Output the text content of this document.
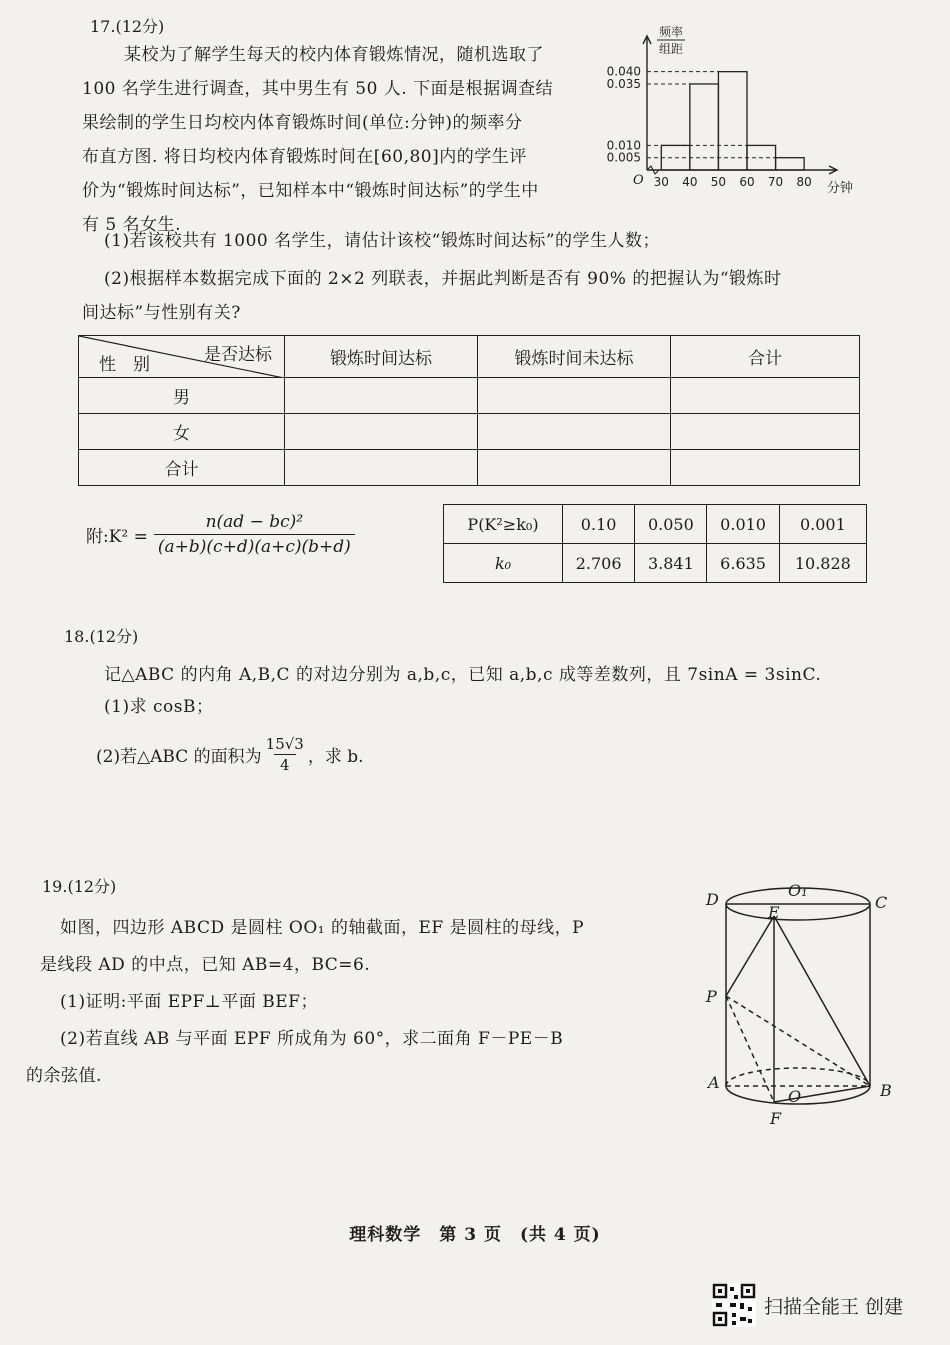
17.(12分)
某校为了解学生每天的校内体育锻炼情况，随机选取了
100 名学生进行调查，其中男生有 50 人. 下面是根据调查结
果绘制的学生日均校内体育锻炼时间(单位:分钟)的频率分
布直方图. 将日均校内体育锻炼时间在[60,80]内的学生评
价为“锻炼时间达标”，已知样本中“锻炼时间达标”的学生中
有 5 名女生.
0.040
0.035
0.010
0.005
30 40 50 60 70 80
O
分钟
频率
组距
(1)若该校共有 1000 名学生，请估计该校“锻炼时间达标”的学生人数；
(2)根据样本数据完成下面的 2×2 列联表，并据此判断是否有 90% 的把握认为“锻炼时
间达标”与性别有关?
是否达标
性　别	锻炼时间达标	锻炼时间未达标	合计
男			
女			
合计			
附:K² = $\frac{\text{n(ad − bc)²}}{(a+b)(c+d)(a+c)(b+d)}$	P(K²≥k₀)	0.10	0.050	0.010	0.001
k₀	2.706	3.841	6.635	10.828
18.(12分)
记△ABC 的内角 A,B,C 的对边分别为 a,b,c，已知 a,b,c 成等差数列，且 7sinA = 3sinC.
(1)求 cosB；
(2)若△ABC 的面积为 $\frac{15√3}{4}$ ，求 b.
19.(12分)
如图，四边形 ABCD 是圆柱 OO₁ 的轴截面，EF 是圆柱的母线，P
是线段 AD 的中点，已知 AB=4，BC=6.
(1)证明:平面 EPF⊥平面 BEF；
(2)若直线 AB 与平面 EPF 所成角为 60°，求二面角 F－PE－B
的余弦值.
D	C
O₁
E
P
A	B
O
F
理科数学　第 3 页　(共 4 页)
扫描全能王 创建
